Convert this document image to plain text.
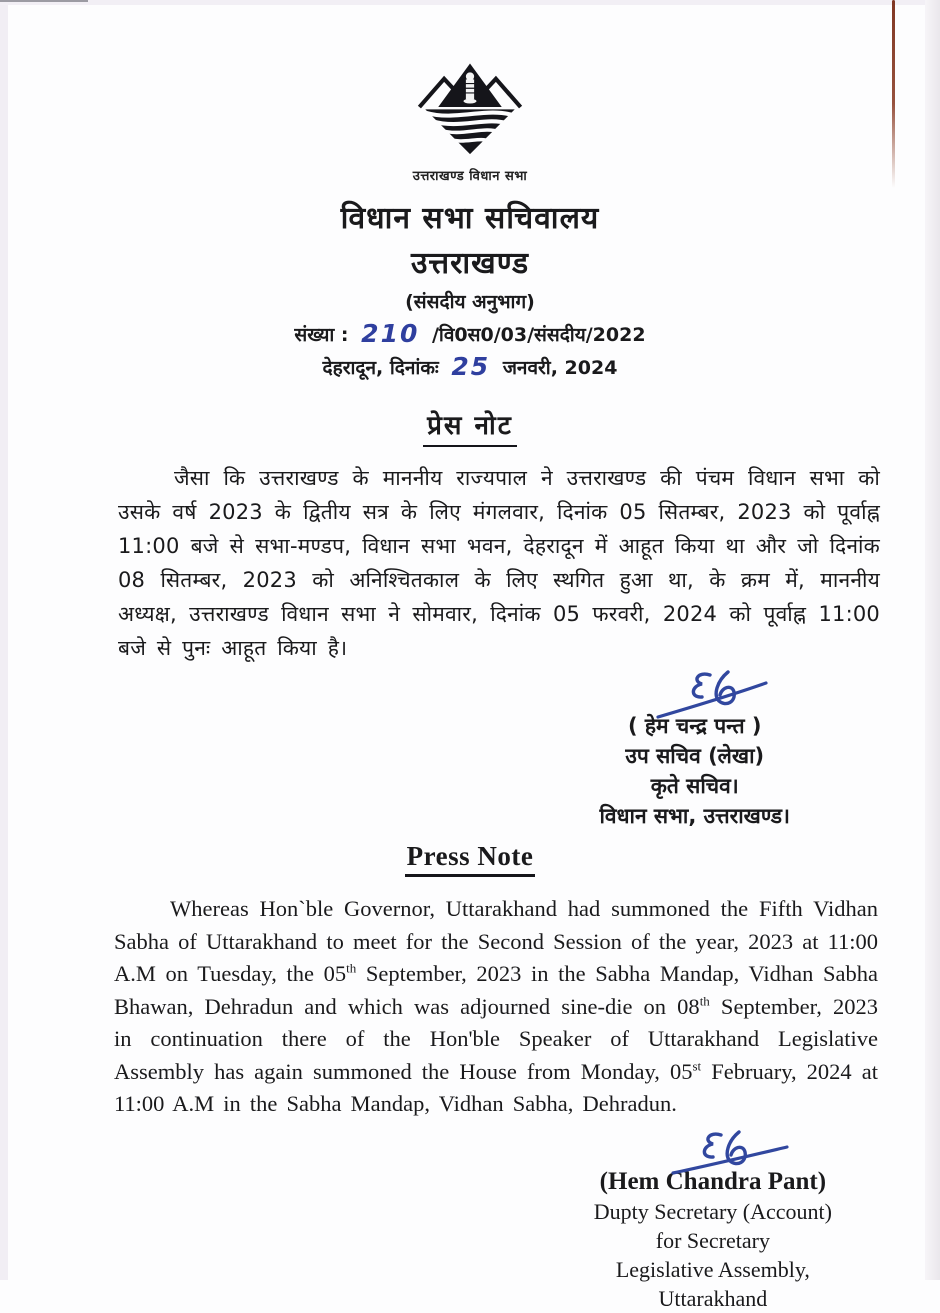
उत्तराखण्ड विधान सभा
विधान सभा सचिवालय
उत्तराखण्ड
(संसदीय अनुभाग)
संख्या : 210 /वि0स0/03/संसदीय/2022
देहरादून, दिनांकः 25 जनवरी, 2024
प्रेस नोट

जैसा कि उत्तराखण्ड के माननीय राज्यपाल ने उत्तराखण्ड की पंचम विधान सभा को उसके वर्ष 2023 के द्वितीय सत्र के लिए मंगलवार, दिनांक 05 सितम्बर, 2023 को पूर्वाह्न 11:00 बजे से सभा-मण्डप, विधान सभा भवन, देहरादून में आहूत किया था और जो दिनांक 08 सितम्बर, 2023 को अनिश्चितकाल के लिए स्थगित हुआ था, के क्रम में, माननीय अध्यक्ष, उत्तराखण्ड विधान सभा ने सोमवार, दिनांक 05 फरवरी, 2024 को पूर्वाह्न 11:00 बजे से पुनः आहूत किया है।

( हेम चन्द्र पन्त )
उप सचिव (लेखा)
कृते सचिव।
विधान सभा, उत्तराखण्ड।
Press Note

Whereas Hon`ble Governor, Uttarakhand had summoned the Fifth Vidhan Sabha of Uttarakhand to meet for the Second Session of the year, 2023 at 11:00 A.M on Tuesday, the 05th September, 2023 in the Sabha Mandap, Vidhan Sabha Bhawan, Dehradun and which was adjourned sine-die on 08th September, 2023 in continuation there of the Hon'ble Speaker of Uttarakhand Legislative Assembly has again summoned the House from Monday, 05st February, 2024 at 11:00 A.M in the Sabha Mandap, Vidhan Sabha, Dehradun.

(Hem Chandra Pant)
Dupty Secretary (Account)
for Secretary
Legislative Assembly,
Uttarakhand
